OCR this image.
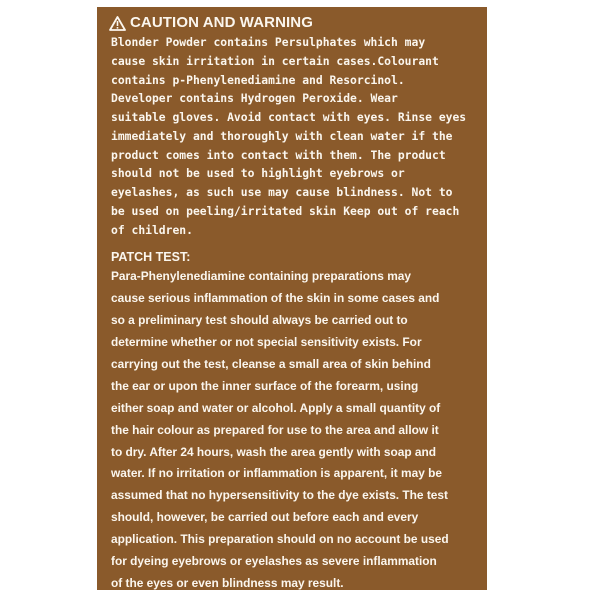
CAUTION AND WARNING
Blonder Powder contains Persulphates which may
cause skin irritation in certain cases.Colourant
contains p-Phenylenediamine and Resorcinol.
Developer contains Hydrogen Peroxide. Wear
suitable gloves. Avoid contact with eyes. Rinse eyes
immediately and thoroughly with clean water if the
product comes into contact with them. The product
should not be used to highlight eyebrows or
eyelashes, as such use may cause blindness. Not to
be used on peeling/irritated skin Keep out of reach
of children.
PATCH TEST:
Para-Phenylenediamine containing preparations may
cause serious inflammation of the skin in some cases and
so a preliminary test should always be carried out to
determine whether or not special sensitivity exists. For
carrying out the test, cleanse a small area of skin behind
the ear or upon the inner surface of the forearm, using
either soap and water or alcohol. Apply a small quantity of
the hair colour as prepared for use to the area and allow it
to dry. After 24 hours, wash the area gently with soap and
water. If no irritation or inflammation is apparent, it may be
assumed that no hypersensitivity to the dye exists. The test
should, however, be carried out before each and every
application. This preparation should on no account be used
for dyeing eyebrows or eyelashes as severe inflammation
of the eyes or even blindness may result.
